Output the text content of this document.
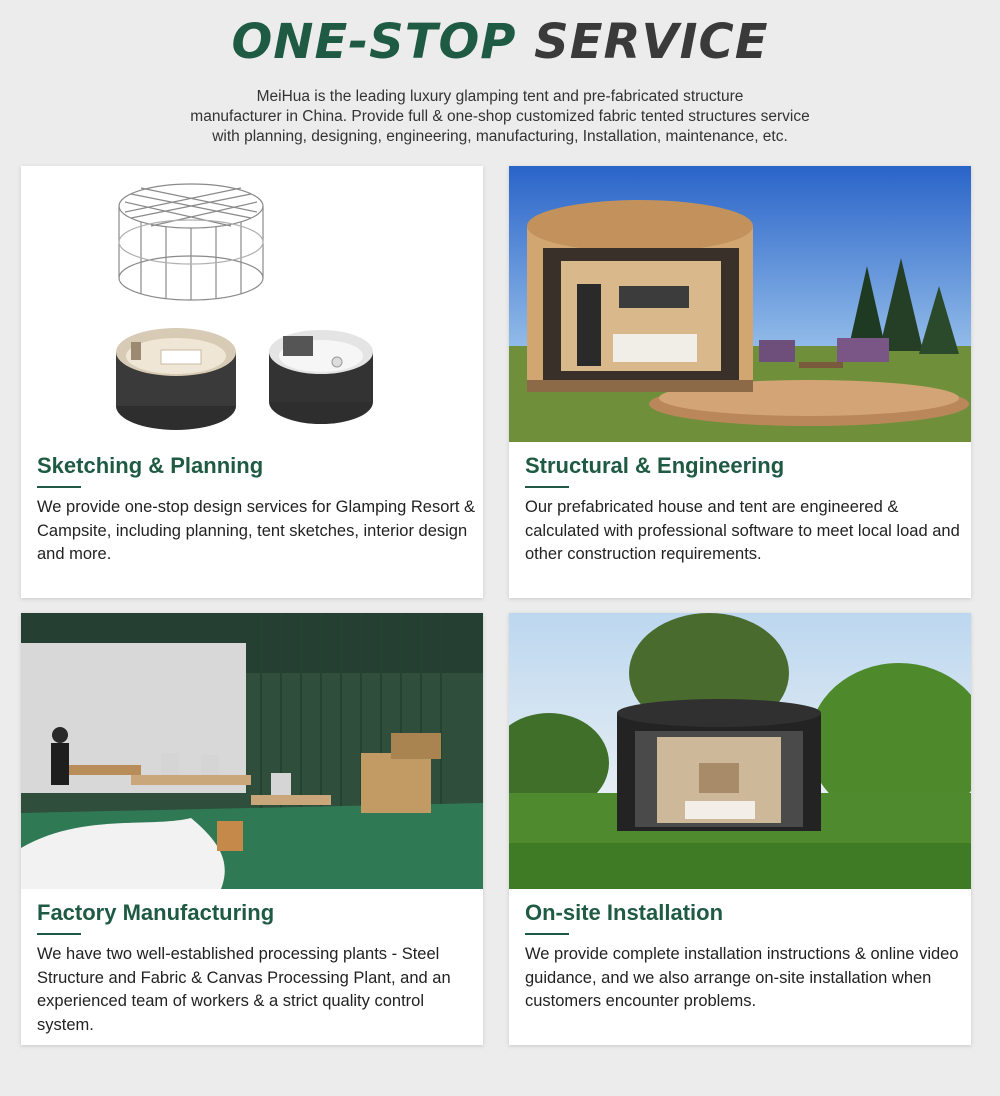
ONE-STOP SERVICE
MeiHua is the leading luxury glamping tent and pre-fabricated structure
manufacturer in China. Provide full & one-shop customized fabric tented structures service
with planning, designing, engineering, manufacturing, Installation, maintenance, etc.
Sketching & Planning

We provide one-stop design services for Glamping Resort & Campsite, including planning, tent sketches, interior design and more.

Structural & Engineering

Our prefabricated house and tent are engineered & calculated with professional software to meet local load and other construction requirements.

Factory Manufacturing

We have two well-established processing plants - Steel Structure and Fabric & Canvas Processing Plant, and an experienced team of workers & a strict quality control system.

On-site Installation

We provide complete installation instructions & online video guidance, and we also arrange on-site installation when customers encounter problems.
